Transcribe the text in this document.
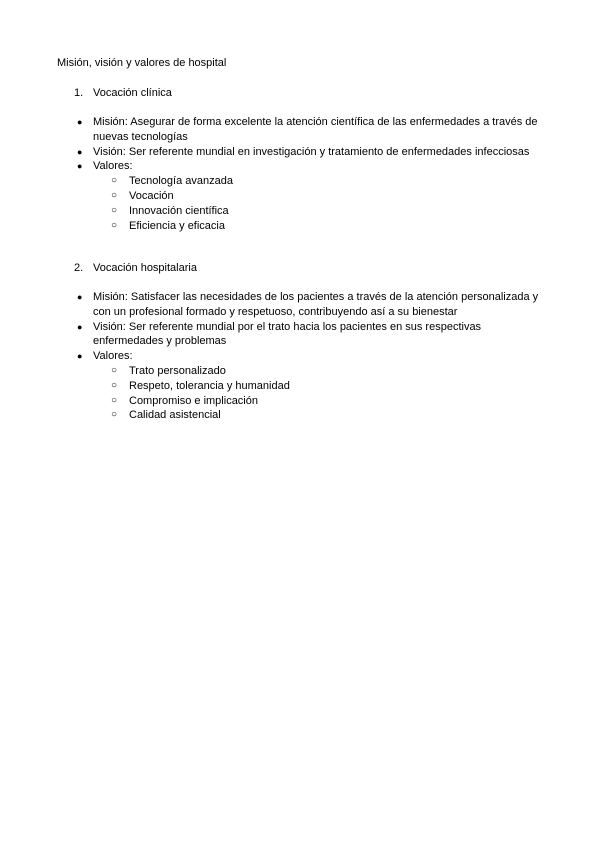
Misión, visión y valores de hospital
1. Vocación clínica
● Misión: Asegurar de forma excelente la atención científica de las enfermedades a través de nuevas tecnologías
● Visión: Ser referente mundial en investigación y tratamiento de enfermedades infecciosas
● Valores:
○ Tecnología avanzada
○ Vocación
○ Innovación científica
○ Eficiencia y eficacia
2. Vocación hospitalaria
● Misión: Satisfacer las necesidades de los pacientes a través de la atención personalizada y con un profesional formado y respetuoso, contribuyendo así a su bienestar
● Visión: Ser referente mundial por el trato hacia los pacientes en sus respectivas enfermedades y problemas
● Valores:
○ Trato personalizado
○ Respeto, tolerancia y humanidad
○ Compromiso e implicación
○ Calidad asistencial
